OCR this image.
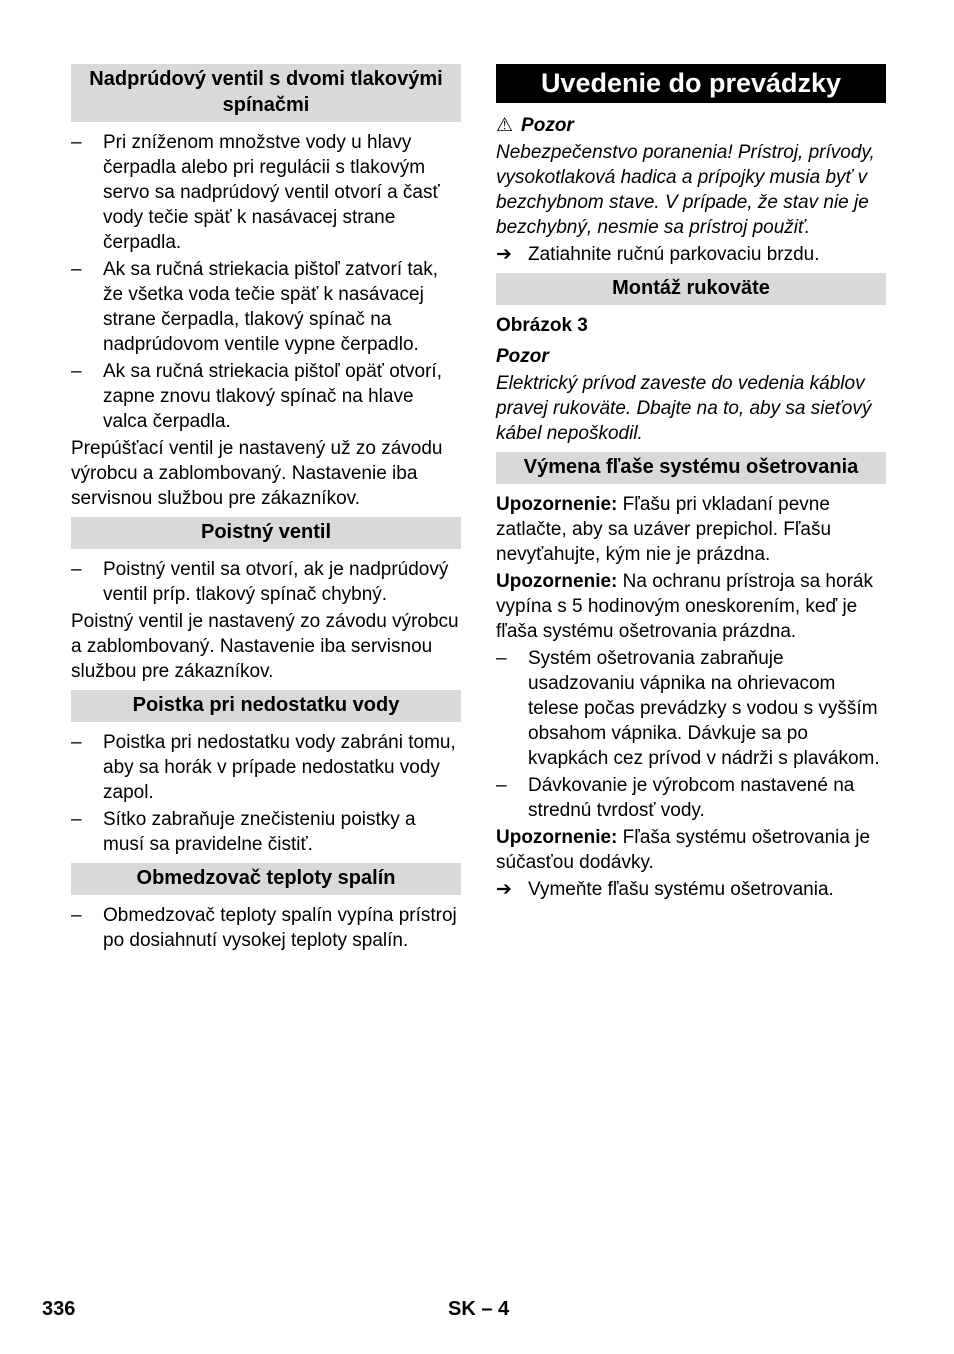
Nadprúdový ventil s dvomi tlakovými spínačmi
–	Pri zníženom množstve vody u hlavy čerpadla alebo pri regulácii s tlakovým servo sa nadprúdový ventil otvorí a časť vody tečie späť k nasávacej strane čerpadla.
–	Ak sa ručná striekacia pištoľ zatvorí tak, že všetka voda tečie späť k nasávacej strane čerpadla, tlakový spínač na nadprúdovom ventile vypne čerpadlo.
–	Ak sa ručná striekacia pištoľ opäť otvorí, zapne znovu tlakový spínač na hlave valca čerpadla.
Prepúšťací ventil je nastavený už zo závodu výrobcu a zablombovaný. Nastavenie iba servisnou službou pre zákazníkov.
Poistný ventil
–	Poistný ventil sa otvorí, ak je nadprúdový ventil príp. tlakový spínač chybný.
Poistný ventil je nastavený zo závodu výrobcu a zablombovaný. Nastavenie iba servisnou službou pre zákazníkov.
Poistka pri nedostatku vody
–	Poistka pri nedostatku vody zabráni tomu, aby sa horák v prípade nedostatku vody zapol.
–	Sítko zabraňuje znečisteniu poistky a musí sa pravidelne čistiť.
Obmedzovač teploty spalín
–	Obmedzovač teploty spalín vypína prístroj po dosiahnutí vysokej teploty spalín.
Uvedenie do prevádzky
⚠ Pozor
Nebezpečenstvo poranenia! Prístroj, prívody, vysokotlaková hadica a prípojky musia byť v bezchybnom stave. V prípade, že stav nie je bezchybný, nesmie sa prístroj použiť.
➔ Zatiahnite ručnú parkovaciu brzdu.
Montáž rukoväte
Obrázok 3
Pozor
Elektrický prívod zaveste do vedenia káblov pravej rukoväte. Dbajte na to, aby sa sieťový kábel nepoškodil.
Výmena fľaše systému ošetrovania
Upozornenie: Fľašu pri vkladaní pevne zatlačte, aby sa uzáver prepichol. Fľašu nevyťahujte, kým nie je prázdna.
Upozornenie: Na ochranu prístroja sa horák vypína s 5 hodinovým oneskorením, keď je fľaša systému ošetrovania prázdna.
–	Systém ošetrovania zabraňuje usadzovaniu vápnika na ohrievacom telese počas prevádzky s vodou s vyšším obsahom vápnika. Dávkuje sa po kvapkách cez prívod v nádrži s plavákom.
–	Dávkovanie je výrobcom nastavené na strednú tvrdosť vody.
Upozornenie: Fľaša systému ošetrovania je súčasťou dodávky.
➔ Vymeňte fľašu systému ošetrovania.
336	SK – 4
